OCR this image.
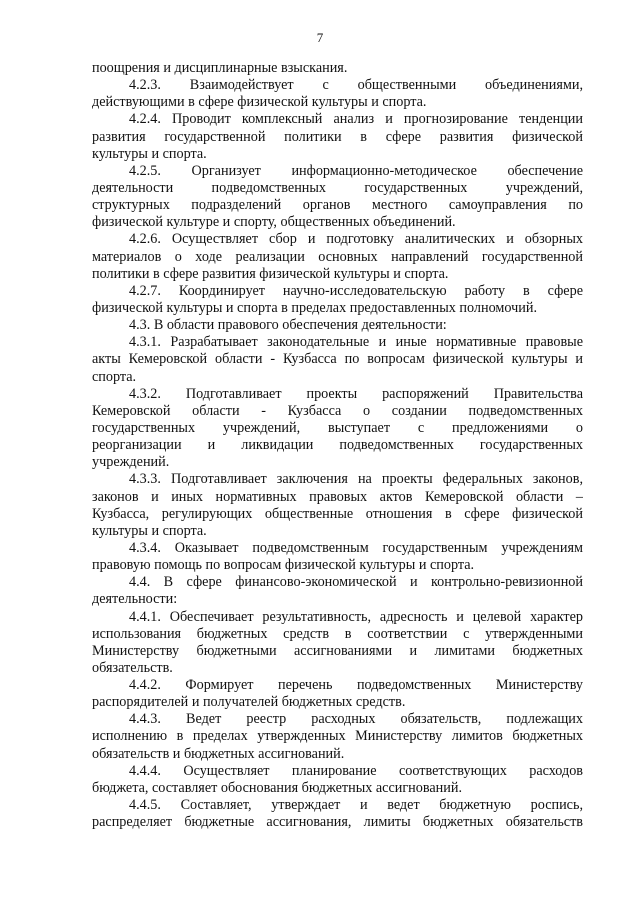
7
поощрения и дисциплинарные взыскания.
4.2.3. Взаимодействует с общественными объединениями,
действующими в сфере физической культуры и спорта.
4.2.4. Проводит комплексный анализ и прогнозирование тенденции
развития государственной политики в сфере развития физической
культуры и спорта.
4.2.5. Организует информационно-методическое обеспечение
деятельности подведомственных государственных учреждений,
структурных подразделений органов местного самоуправления по
физической культуре и спорту, общественных объединений.
4.2.6. Осуществляет сбор и подготовку аналитических и обзорных
материалов о ходе реализации основных направлений государственной
политики в сфере развития физической культуры и спорта.
4.2.7. Координирует научно-исследовательскую работу в сфере
физической культуры и спорта в пределах предоставленных полномочий.
4.3. В области правового обеспечения деятельности:
4.3.1. Разрабатывает законодательные и иные нормативные правовые
акты Кемеровской области - Кузбасса по вопросам физической культуры и
спорта.
4.3.2. Подготавливает проекты распоряжений Правительства
Кемеровской области - Кузбасса о создании подведомственных
государственных учреждений, выступает с предложениями о
реорганизации и ликвидации подведомственных государственных
учреждений.
4.3.3. Подготавливает заключения на проекты федеральных законов,
законов и иных нормативных правовых актов Кемеровской области –
Кузбасса, регулирующих общественные отношения в сфере физической
культуры и спорта.
4.3.4. Оказывает подведомственным государственным учреждениям
правовую помощь по вопросам физической культуры и спорта.
4.4. В сфере финансово-экономической и контрольно-ревизионной
деятельности:
4.4.1. Обеспечивает результативность, адресность и целевой характер
использования бюджетных средств в соответствии с утвержденными
Министерству бюджетными ассигнованиями и лимитами бюджетных
обязательств.
4.4.2. Формирует перечень подведомственных Министерству
распорядителей и получателей бюджетных средств.
4.4.3. Ведет реестр расходных обязательств, подлежащих
исполнению в пределах утвержденных Министерству лимитов бюджетных
обязательств и бюджетных ассигнований.
4.4.4. Осуществляет планирование соответствующих расходов
бюджета, составляет обоснования бюджетных ассигнований.
4.4.5. Составляет, утверждает и ведет бюджетную роспись,
распределяет бюджетные ассигнования, лимиты бюджетных обязательств
